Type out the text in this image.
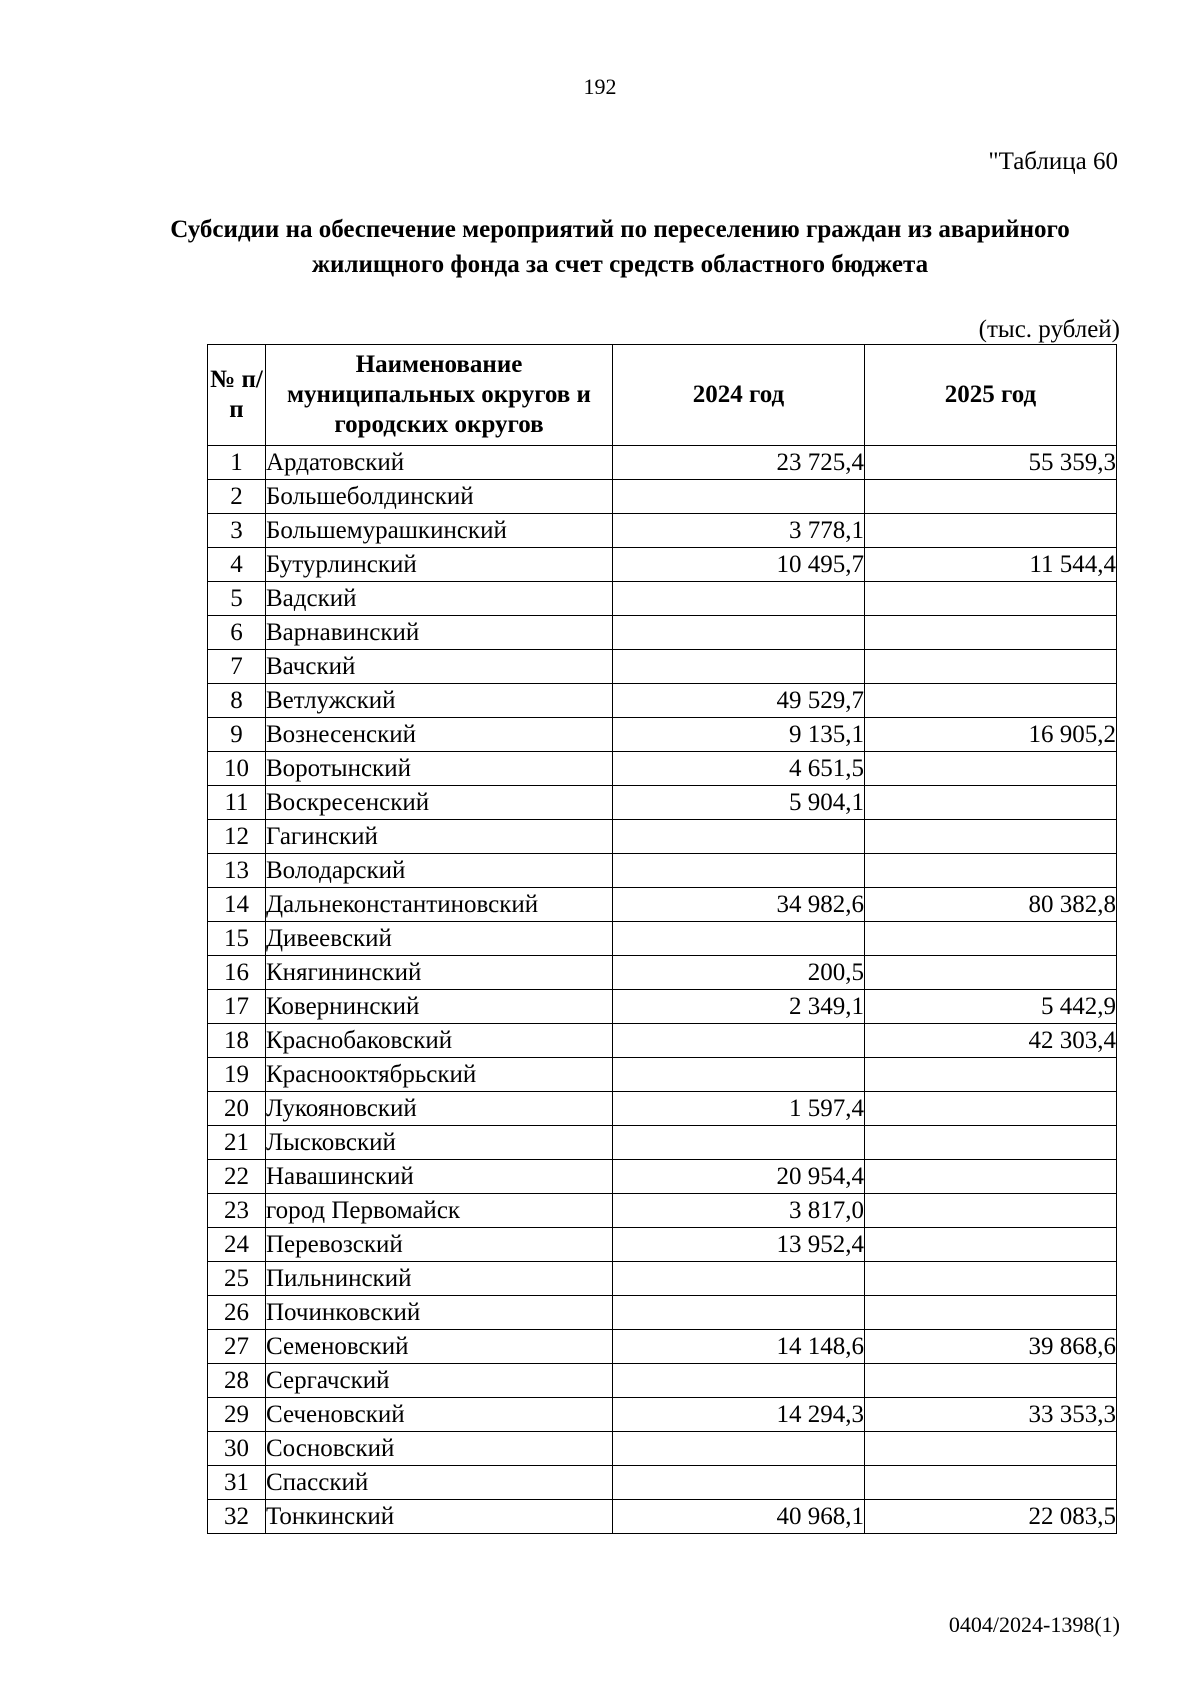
192
"Таблица 60
Субсидии на обеспечение мероприятий по переселению граждан из аварийного жилищного фонда за счет средств областного бюджета
(тыс. рублей)
№ п/п	Наименование муниципальных округов и городских округов	2024 год	2025 год
1	Ардатовский	23 725,4	55 359,3
2	Большеболдинский		
3	Большемурашкинский	3 778,1	
4	Бутурлинский	10 495,7	11 544,4
5	Вадский		
6	Варнавинский		
7	Вачский		
8	Ветлужский	49 529,7	
9	Вознесенский	9 135,1	16 905,2
10	Воротынский	4 651,5	
11	Воскресенский	5 904,1	
12	Гагинский		
13	Володарский		
14	Дальнеконстантиновский	34 982,6	80 382,8
15	Дивеевский		
16	Княгининский	200,5	
17	Ковернинский	2 349,1	5 442,9
18	Краснобаковский		42 303,4
19	Краснооктябрьский		
20	Лукояновский	1 597,4	
21	Лысковский		
22	Навашинский	20 954,4	
23	город Первомайск	3 817,0	
24	Перевозский	13 952,4	
25	Пильнинский		
26	Починковский		
27	Семеновский	14 148,6	39 868,6
28	Сергачский		
29	Сеченовский	14 294,3	33 353,3
30	Сосновский		
31	Спасский		
32	Тонкинский	40 968,1	22 083,5
0404/2024-1398(1)
